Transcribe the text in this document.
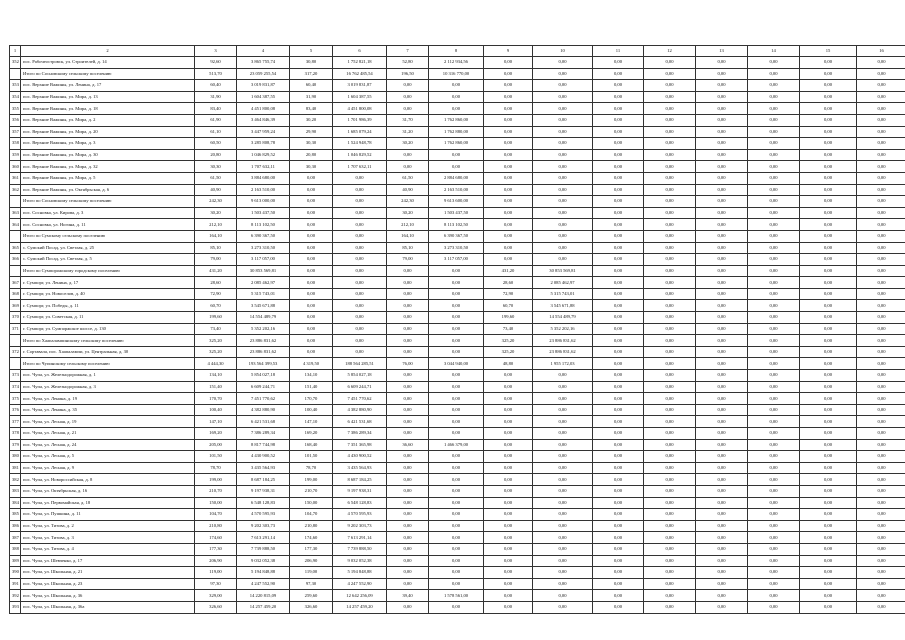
1	2	3	4	5	6	7	8	9	10	11	12	13	14	15	16
352	пос. Рабочеостровск, ул. Строителей, д. 14	92,60	3 865 755,74	30,80	1 752 821,18	52,80	2 112 934,56	0,00	0,00	0,00	0,00	0,00	0,00	0,00	0,00
	Итого по Сосновскому сельскому поселению	513,70	23 059 255,54	317,20	16 762 485,54	196,50	10 316 770,00	0,00	0,00	0,00	0,00	0,00	0,00	0,00	0,00
353	пос. Верхние Важины, ул. Ленина, д. 17	60,40	3 019 831,87	60,40	3 019 831,87	0,00	0,00	0,00	0,00	0,00	0,00	0,00	0,00	0,00	0,00
354	пос. Верхние Важины, ул. Мира, д. 13	31,90	1 604 387,55	31,90	1 604 387,55	0,00	0,00	0,00	0,00	0,00	0,00	0,00	0,00	0,00	0,00
355	пос. Верхние Важины, ул. Мира, д. 18	83,40	4 451 800,08	83,40	4 451 800,08	0,00	0,00	0,00	0,00	0,00	0,00	0,00	0,00	0,00	0,00
356	пос. Верхние Важины, ул. Мира, д. 2	61,90	3 464 846,39	30,20	1 701 986,39	31,70	1 762 860,00	0,00	0,00	0,00	0,00	0,00	0,00	0,00	0,00
357	пос. Верхние Важины, ул. Мира, д. 20	61,10	3 447 959,24	29,90	1 685 079,24	31,20	1 762 880,00	0,00	0,00	0,00	0,00	0,00	0,00	0,00	0,00
358	пос. Верхние Важины, ул. Мира, д. 3	60,50	3 285 808,78	30,30	1 524 948,78	30,20	1 762 860,00	0,00	0,00	0,00	0,00	0,00	0,00	0,00	0,00
359	пос. Верхние Важины, ул. Мира, д. 30	20,80	1 046 829,52	20,80	1 046 829,52	0,00	0,00	0,00	0,00	0,00	0,00	0,00	0,00	0,00	0,00
360	пос. Верхние Важины, ул. Мира, д. 32	30,30	1 707 632,11	30,30	1 707 632,11	0,00	0,00	0,00	0,00	0,00	0,00	0,00	0,00	0,00	0,00
361	пос. Верхние Важины, ул. Мира, д. 5	61,50	3 884 680,00	0,00	0,00	61,50	2 884 680,00	0,00	0,00	0,00	0,00	0,00	0,00	0,00	0,00
362	пос. Верхние Важины, ул. Октябрьская, д. 6	40,90	2 163 510,00	0,00	0,00	40,90	2 163 510,00	0,00	0,00	0,00	0,00	0,00	0,00	0,00	0,00
	Итого по Сосновскому сельскому поселению	242,30	9 613 000,00	0,00	0,00	242,30	9 613 600,00	0,00	0,00	0,00	0,00	0,00	0,00	0,00	0,00
363	пос. Сосновка, ул. Кирова, д. 3	30,20	1 503 437,50	0,00	0,00	30,20	1 503 437,50	0,00	0,00	0,00	0,00	0,00	0,00	0,00	0,00
364	пос. Сосновка, ул. Ногина, д. 11	212,10	8 113 102,50	0,00	0,00	212,10	8 113 102,50	0,00	0,00	0,00	0,00	0,00	0,00	0,00	0,00
	Итого по Сумскому сельскому поселению	164,10	6 390 367,50	0,00	0,00	164,10	6 390 367,50	0,00	0,00	0,00	0,00	0,00	0,00	0,00	0,00
365	с. Сумский Посад, ул. Светлая, д. 25	85,10	3 273 310,50	0,00	0,00	85,10	3 273 310,50	0,00	0,00	0,00	0,00	0,00	0,00	0,00	0,00
366	с. Сумский Посад, ул. Светлая, д. 5	79,00	3 117 057,00	0,00	0,00	79,00	3 117 057,00	0,00	0,00	0,00	0,00	0,00	0,00	0,00	0,00
	Итого по Сумпорожскому городскому поселению	431,20	30 853 569,81	0,00	0,00	0,00	0,00	431,20	30 853 569,81	0,00	0,00	0,00	0,00	0,00	0,00
367	г. Сумпорг, ул. Ленина, д. 17	28,60	2 085 462,97	0,00	0,00	0,00	0,00	28,60	2 085 462,97	0,00	0,00	0,00	0,00	0,00	0,00
368	г. Сумпорг, ул. Новоселов, д. 40	72,90	5 315 743,01	0,00	0,00	0,00	0,00	72,90	5 315 743,01	0,00	0,00	0,00	0,00	0,00	0,00
369	г. Сумпорг, ул. Победы, д. 11	60,70	3 545 671,88	0,00	0,00	0,00	0,00	60,70	3 545 671,88	0,00	0,00	0,00	0,00	0,00	0,00
370	г. Сумпорг, ул. Советская, д. 11	199,60	14 554 489,79	0,00	0,00	0,00	0,00	199,60	14 554 489,79	0,00	0,00	0,00	0,00	0,00	0,00
371	г. Сумпорг, ул. Сумпоржское шоссе, д. 130	73,40	5 352 202,16	0,00	0,00	0,00	0,00	73,40	5 352 202,16	0,00	0,00	0,00	0,00	0,00	0,00
	Итого по Хаапалампинскому сельскому поселению	325,20	23 886 831,62	0,00	0,00	0,00	0,00	325,20	23 886 831,62	0,00	0,00	0,00	0,00	0,00	0,00
372	г. Сортавала, пос. Хаапалампи, ул. Центральная, д. 30	325,20	23 886 831,62	0,00	0,00	0,00	0,00	325,20	23 886 831,62	0,00	0,00	0,00	0,00	0,00	0,00
	Итого по Чупинскому сельскому поселению	4 444,30	193 564 399,53	4 319,50	188 564 285,51	76,00	3 044 940,00	48,80	1 955 172,03	0,00	0,00	0,00	0,00	0,00	0,00
373	пос. Чупа, ул. Железнодорожная, д. 1	134,10	5 854 027,18	134,10	5 854 027,18	0,00	0,00	0,00	0,00	0,00	0,00	0,00	0,00	0,00	0,00
374	пос. Чупа, ул. Железнодорожная, д. 3	151,40	6 609 244,71	151,40	6 609 244,71	0,00	0,00	0,00	0,00	0,00	0,00	0,00	0,00	0,00	0,00
375	пос. Чупа, ул. Ленина, д. 19	170,70	7 451 770,62	170,70	7 451 770,62	0,00	0,00	0,00	0,00	0,00	0,00	0,00	0,00	0,00	0,00
376	пос. Чупа, ул. Ленина, д. 35	100,40	4 382 880,90	100,40	4 382 880,90	0,00	0,00	0,00	0,00	0,00	0,00	0,00	0,00	0,00	0,00
377	пос. Чупа, ул. Лесная, д. 19	147,10	6 421 531,68	147,10	6 421 531,68	0,00	0,00	0,00	0,00	0,00	0,00	0,00	0,00	0,00	0,00
378	пос. Чупа, ул. Лесная, д. 21	169,20	7 386 289,34	169,20	7 386 289,34	0,00	0,00	0,00	0,00	0,00	0,00	0,00	0,00	0,00	0,00
379	пос. Чупа, ул. Лесная, д. 24	205,00	8 817 744,98	168,40	7 351 365,98	36,60	1 466 379,00	0,00	0,00	0,00	0,00	0,00	0,00	0,00	0,00
380	пос. Чупа, ул. Лесная, д. 5	101,50	4 430 900,52	101,50	4 430 900,52	0,00	0,00	0,00	0,00	0,00	0,00	0,00	0,00	0,00	0,00
381	пос. Чупа, ул. Лесная, д. 9	78,70	3 435 564,93	78,70	3 435 564,93	0,00	0,00	0,00	0,00	0,00	0,00	0,00	0,00	0,00	0,00
382	пос. Чупа, ул. Новороссийская, д. 8	199,00	8 687 184,25	199,00	8 687 184,25	0,00	0,00	0,00	0,00	0,00	0,00	0,00	0,00	0,00	0,00
383	пос. Чупа, ул. Октябрьская, д. 16	210,70	9 197 938,31	210,70	9 197 938,31	0,00	0,00	0,00	0,00	0,00	0,00	0,00	0,00	0,00	0,00
384	пос. Чупа, ул. Первомайская, д. 18	150,00	6 548 128,83	150,00	6 548 128,83	0,00	0,00	0,00	0,00	0,00	0,00	0,00	0,00	0,00	0,00
385	пос. Чупа, ул. Пушкина, д. 11	104,70	4 570 595,93	104,70	4 570 595,93	0,00	0,00	0,00	0,00	0,00	0,00	0,00	0,00	0,00	0,00
386	пос. Чупа, ул. Титова, д. 2	210,80	9 202 303,73	210,80	9 202 303,73	0,00	0,00	0,00	0,00	0,00	0,00	0,00	0,00	0,00	0,00
387	пос. Чупа, ул. Титова, д. 3	174,60	7 613 291,14	174,60	7 613 291,14	0,00	0,00	0,00	0,00	0,00	0,00	0,00	0,00	0,00	0,00
388	пос. Чупа, ул. Титова, д. 4	177,30	7 739 888,50	177,30	7 739 888,50	0,00	0,00	0,00	0,00	0,00	0,00	0,00	0,00	0,00	0,00
389	пос. Чупа, ул. Шевченко, д. 17	206,90	9 032 052,38	206,90	9 032 052,38	0,00	0,00	0,00	0,00	0,00	0,00	0,00	0,00	0,00	0,00
390	пос. Чупа, ул. Школьная, д. 21	119,00	5 194 848,88	119,00	5 194 848,88	0,00	0,00	0,00	0,00	0,00	0,00	0,00	0,00	0,00	0,00
391	пос. Чупа, ул. Школьная, д. 23	97,30	4 247 552,90	97,30	4 247 552,90	0,00	0,00	0,00	0,00	0,00	0,00	0,00	0,00	0,00	0,00
392	пос. Чупа, ул. Школьная, д. 36	329,00	14 220 815,09	259,60	12 642 256,09	39,40	1 578 561,00	0,00	0,00	0,00	0,00	0,00	0,00	0,00	0,00
393	пос. Чупа, ул. Школьная, д. 36а	326,60	14 257 459,20	326,60	14 257 459,20	0,00	0,00	0,00	0,00	0,00	0,00	0,00	0,00	0,00	0,00
